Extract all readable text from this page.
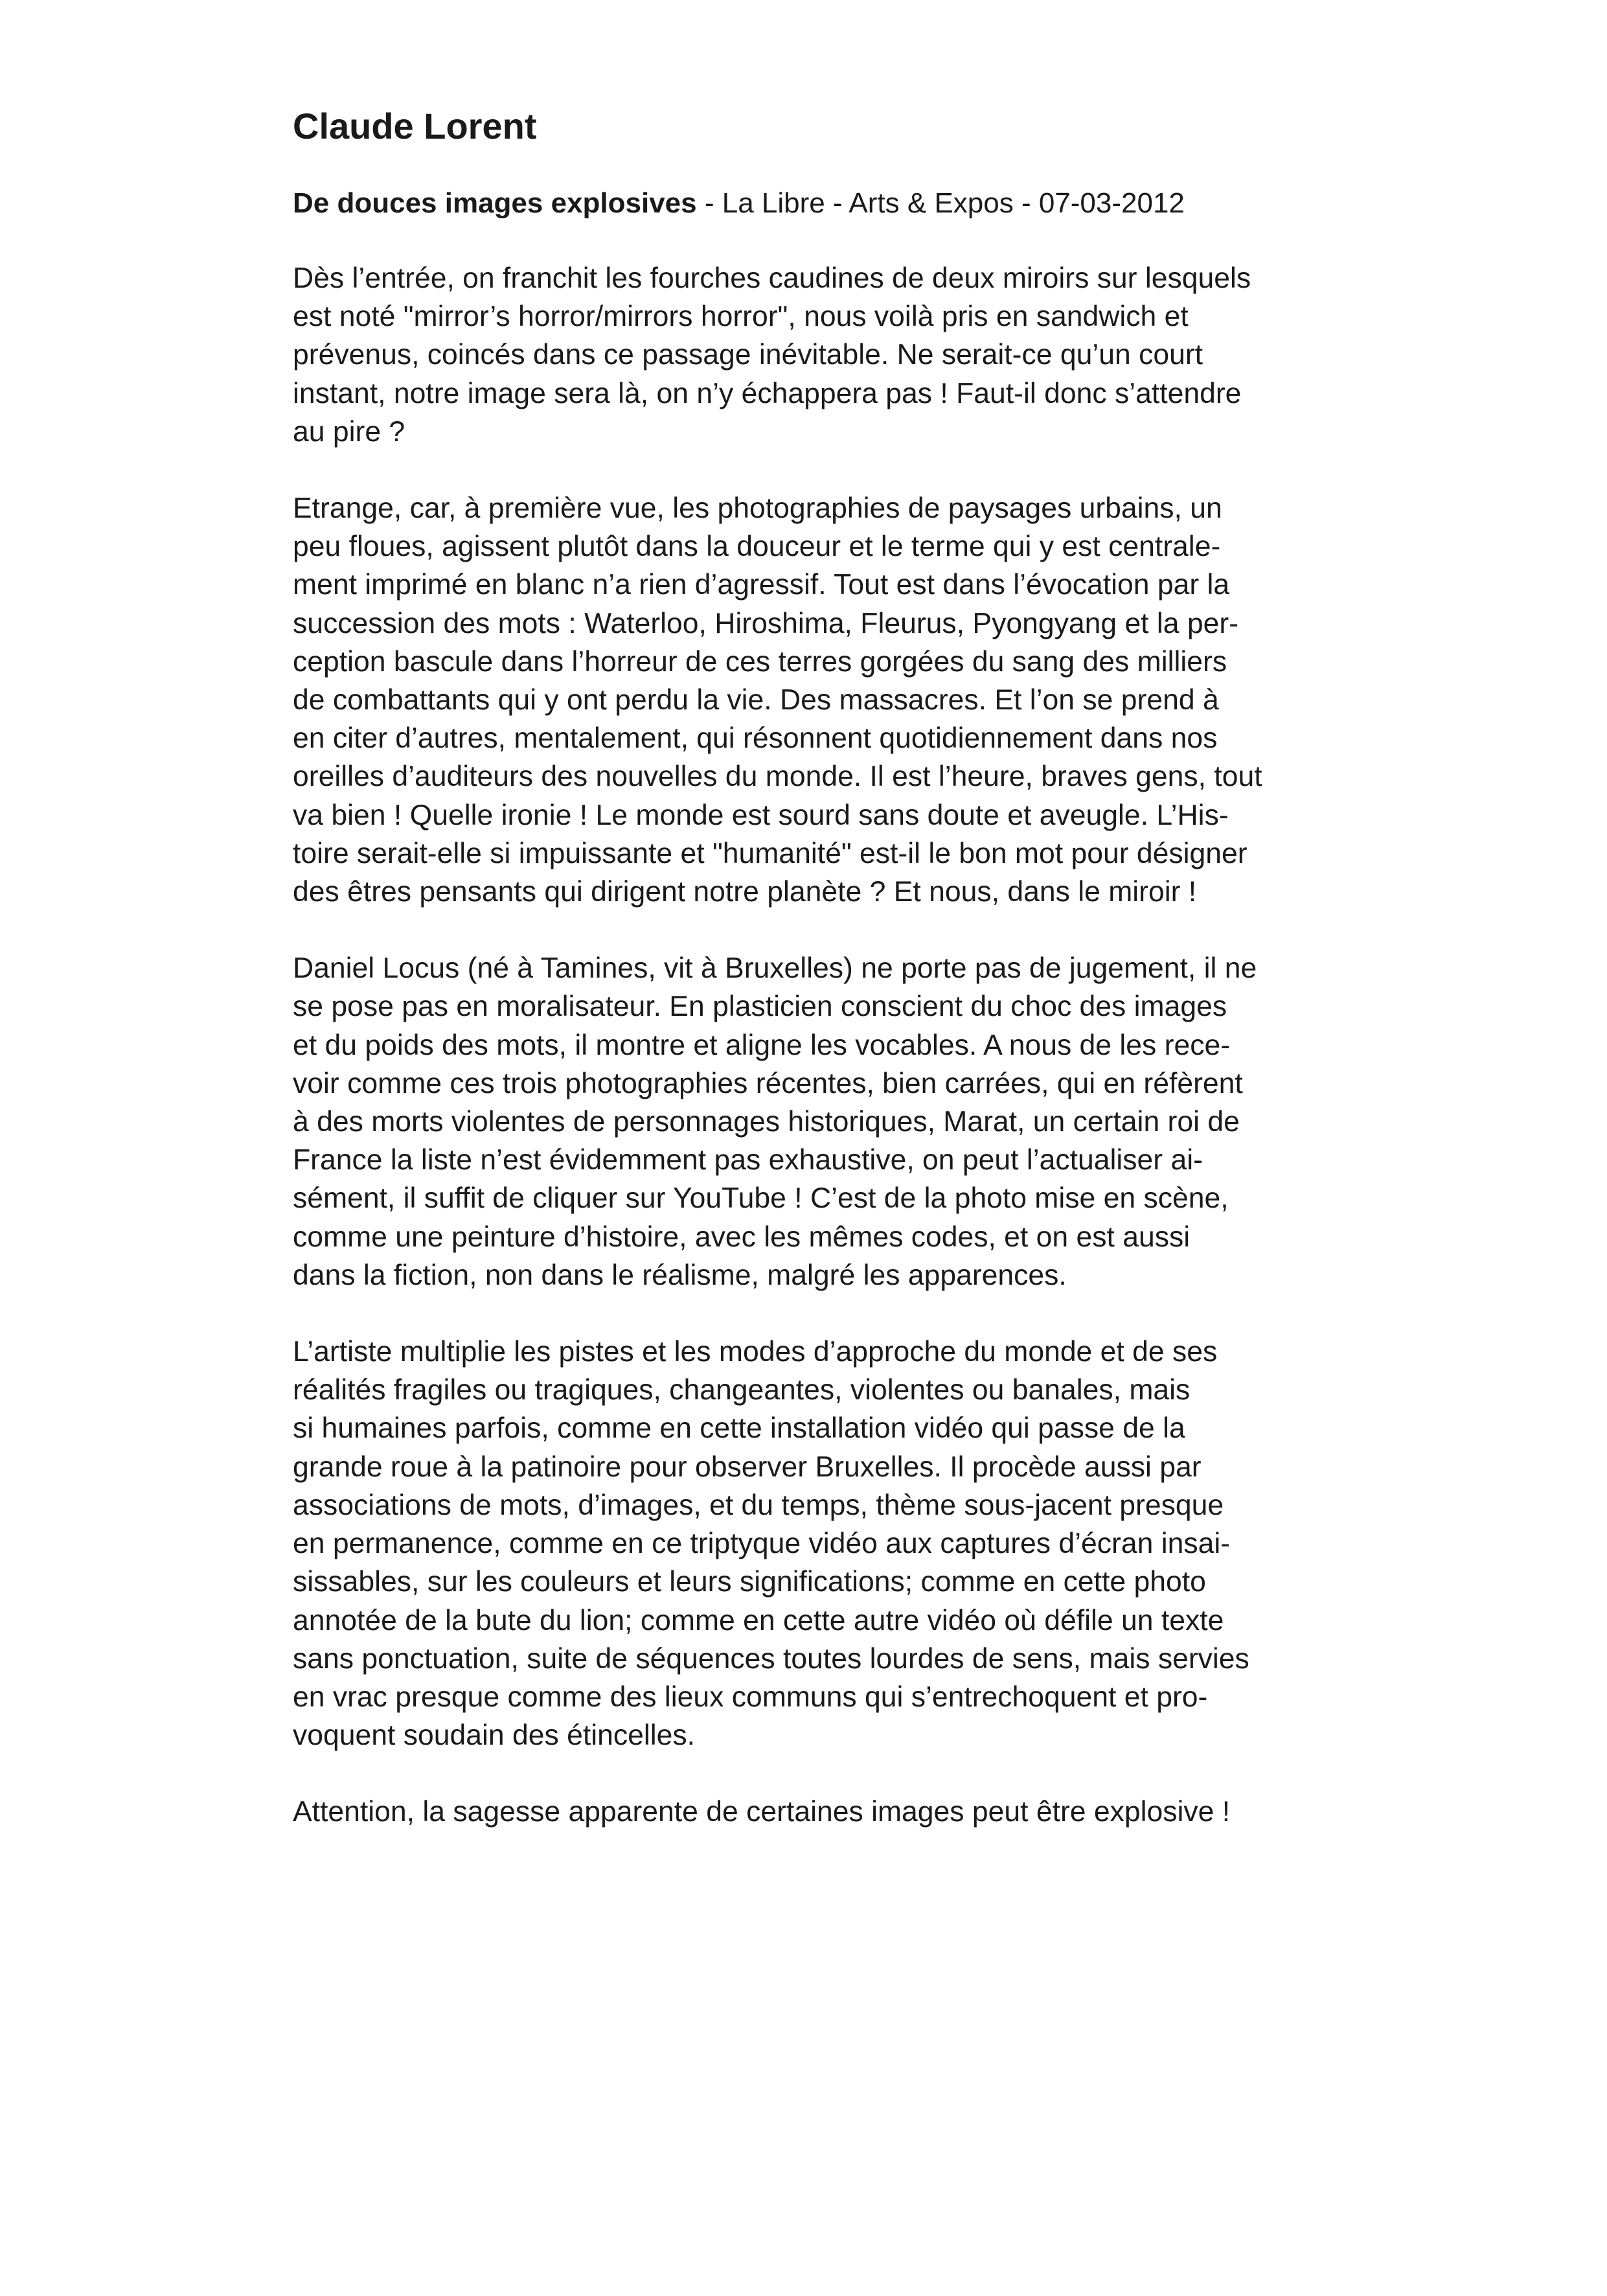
Claude Lorent
De douces images explosives - La Libre - Arts & Expos - 07-03-2012
Dès l’entrée, on franchit les fourches caudines de deux miroirs sur lesquels
est noté "mirror’s horror/mirrors horror", nous voilà pris en sandwich et
prévenus, coincés dans ce passage inévitable. Ne serait-ce qu’un court
instant, notre image sera là, on n’y échappera pas ! Faut-il donc s’attendre
au pire ?
Etrange, car, à première vue, les photographies de paysages urbains, un
peu floues, agissent plutôt dans la douceur et le terme qui y est centrale-
ment imprimé en blanc n’a rien d’agressif. Tout est dans l’évocation par la
succession des mots : Waterloo, Hiroshima, Fleurus, Pyongyang et la per-
ception bascule dans l’horreur de ces terres gorgées du sang des milliers
de combattants qui y ont perdu la vie. Des massacres. Et l’on se prend à
en citer d’autres, mentalement, qui résonnent quotidiennement dans nos
oreilles d’auditeurs des nouvelles du monde. Il est l’heure, braves gens, tout
va bien ! Quelle ironie ! Le monde est sourd sans doute et aveugle. L’His-
toire serait-elle si impuissante et "humanité" est-il le bon mot pour désigner
des êtres pensants qui dirigent notre planète ? Et nous, dans le miroir !
Daniel Locus (né à Tamines, vit à Bruxelles) ne porte pas de jugement, il ne
se pose pas en moralisateur. En plasticien conscient du choc des images
et du poids des mots, il montre et aligne les vocables. A nous de les rece-
voir comme ces trois photographies récentes, bien carrées, qui en réfèrent
à des morts violentes de personnages historiques, Marat, un certain roi de
France la liste n’est évidemment pas exhaustive, on peut l’actualiser ai-
sément, il suffit de cliquer sur YouTube ! C’est de la photo mise en scène,
comme une peinture d’histoire, avec les mêmes codes, et on est aussi
dans la fiction, non dans le réalisme, malgré les apparences.
L’artiste multiplie les pistes et les modes d’approche du monde et de ses
réalités fragiles ou tragiques, changeantes, violentes ou banales, mais
si humaines parfois, comme en cette installation vidéo qui passe de la
grande roue à la patinoire pour observer Bruxelles. Il procède aussi par
associations de mots, d’images, et du temps, thème sous-jacent presque
en permanence, comme en ce triptyque vidéo aux captures d’écran insai-
sissables, sur les couleurs et leurs significations; comme en cette photo
annotée de la bute du lion; comme en cette autre vidéo où défile un texte
sans ponctuation, suite de séquences toutes lourdes de sens, mais servies
en vrac presque comme des lieux communs qui s’entrechoquent et pro-
voquent soudain des étincelles.
Attention, la sagesse apparente de certaines images peut être explosive !
